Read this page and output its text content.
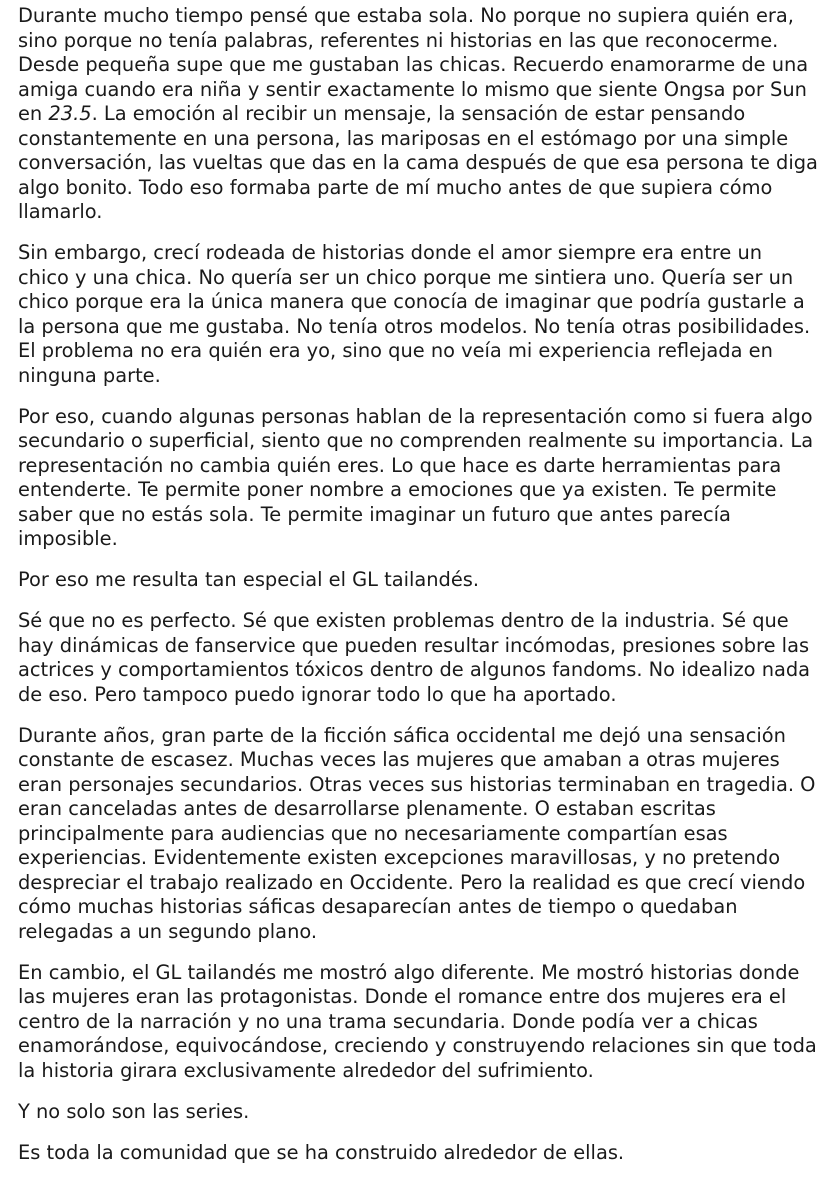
Durante mucho tiempo pensé que estaba sola. No porque no supiera quién era, sino porque no tenía palabras, referentes ni historias en las que reconocerme. Desde pequeña supe que me gustaban las chicas. Recuerdo enamorarme de una amiga cuando era niña y sentir exactamente lo mismo que siente Ongsa por Sun en 23.5. La emoción al recibir un mensaje, la sensación de estar pensando constantemente en una persona, las mariposas en el estómago por una simple conversación, las vueltas que das en la cama después de que esa persona te diga algo bonito. Todo eso formaba parte de mí mucho antes de que supiera cómo llamarlo.

Sin embargo, crecí rodeada de historias donde el amor siempre era entre un chico y una chica. No quería ser un chico porque me sintiera uno. Quería ser un chico porque era la única manera que conocía de imaginar que podría gustarle a la persona que me gustaba. No tenía otros modelos. No tenía otras posibilidades. El problema no era quién era yo, sino que no veía mi experiencia reflejada en ninguna parte.

Por eso, cuando algunas personas hablan de la representación como si fuera algo secundario o superficial, siento que no comprenden realmente su importancia. La representación no cambia quién eres. Lo que hace es darte herramientas para entenderte. Te permite poner nombre a emociones que ya existen. Te permite saber que no estás sola. Te permite imaginar un futuro que antes parecía imposible.

Por eso me resulta tan especial el GL tailandés.

Sé que no es perfecto. Sé que existen problemas dentro de la industria. Sé que hay dinámicas de fanservice que pueden resultar incómodas, presiones sobre las actrices y comportamientos tóxicos dentro de algunos fandoms. No idealizo nada de eso. Pero tampoco puedo ignorar todo lo que ha aportado.

Durante años, gran parte de la ficción sáfica occidental me dejó una sensación constante de escasez. Muchas veces las mujeres que amaban a otras mujeres eran personajes secundarios. Otras veces sus historias terminaban en tragedia. O eran canceladas antes de desarrollarse plenamente. O estaban escritas principalmente para audiencias que no necesariamente compartían esas experiencias. Evidentemente existen excepciones maravillosas, y no pretendo despreciar el trabajo realizado en Occidente. Pero la realidad es que crecí viendo cómo muchas historias sáficas desaparecían antes de tiempo o quedaban relegadas a un segundo plano.

En cambio, el GL tailandés me mostró algo diferente. Me mostró historias donde las mujeres eran las protagonistas. Donde el romance entre dos mujeres era el centro de la narración y no una trama secundaria. Donde podía ver a chicas enamorándose, equivocándose, creciendo y construyendo relaciones sin que toda la historia girara exclusivamente alrededor del sufrimiento.

Y no solo son las series.

Es toda la comunidad que se ha construido alrededor de ellas.
